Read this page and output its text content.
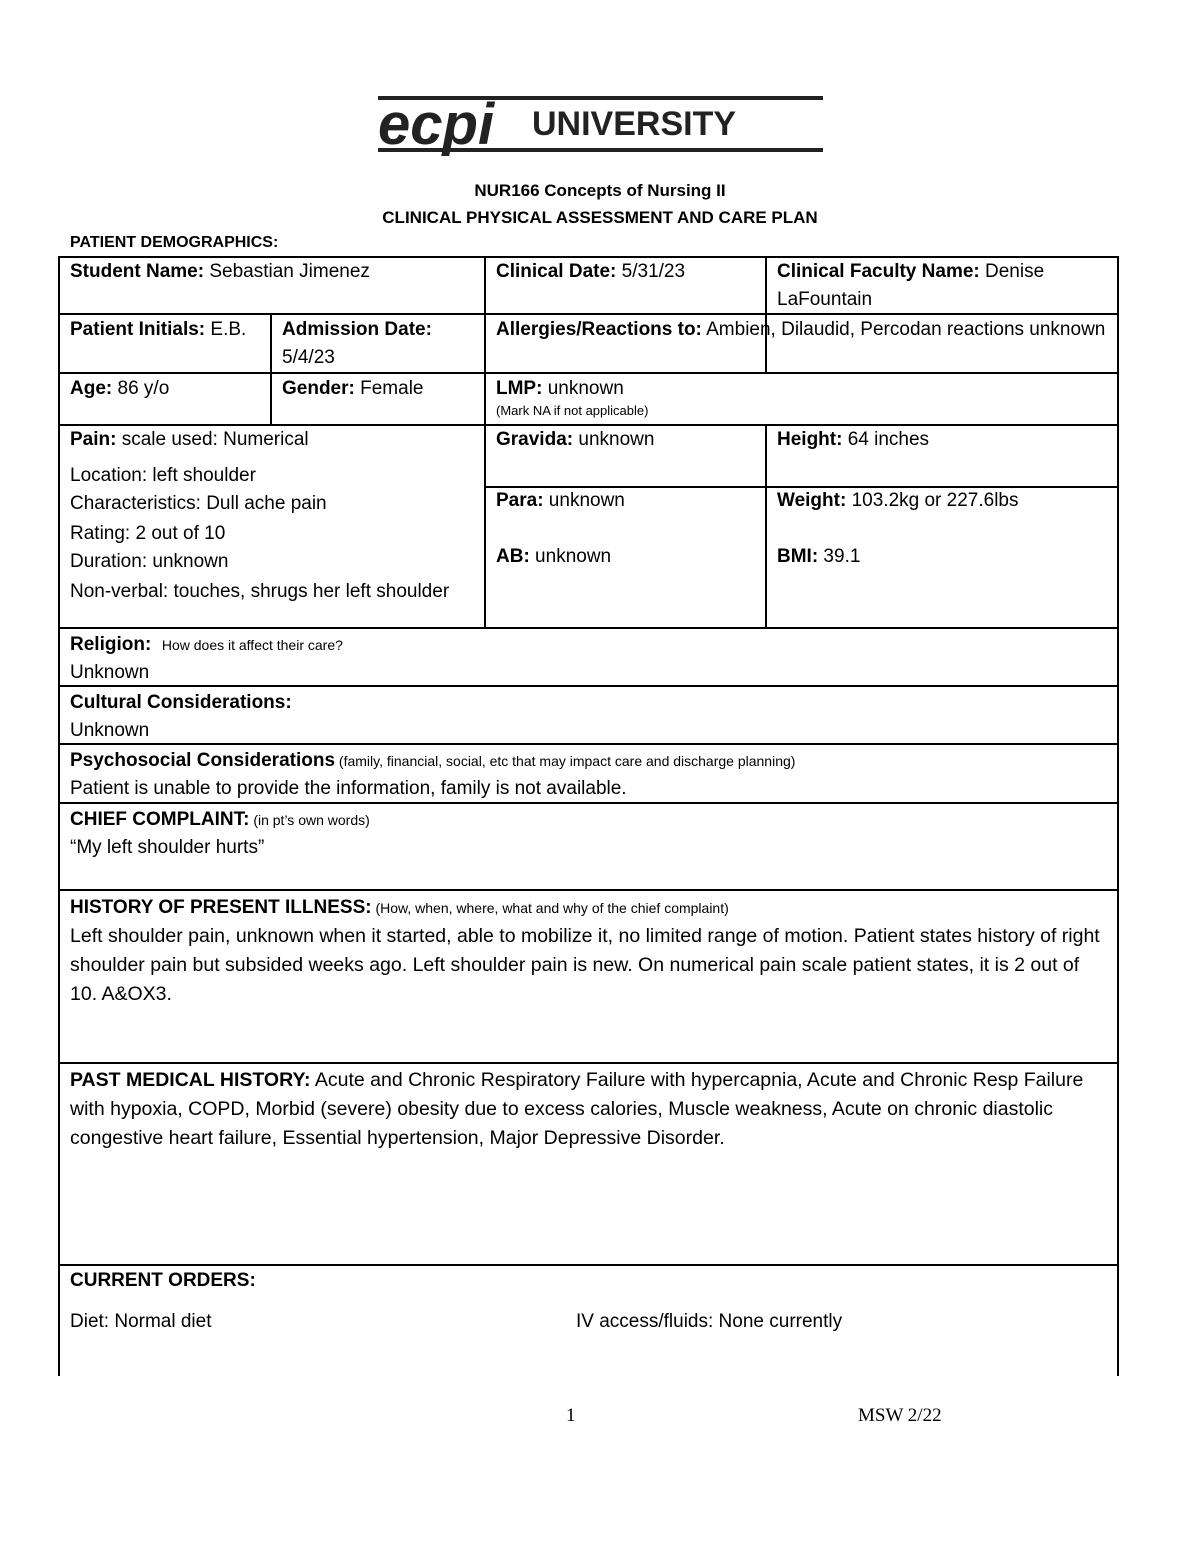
ecpi UNIVERSITY
NUR166 Concepts of Nursing II
CLINICAL PHYSICAL ASSESSMENT AND CARE PLAN
PATIENT DEMOGRAPHICS:
Student Name: Sebastian Jimenez	Clinical Date: 5/31/23	Clinical Faculty Name: Denise LaFountain
Patient Initials: E.B.	Admission Date:
5/4/23
Allergies/Reactions to: Ambien, Dilaudid, Percodan reactions unknown
Age: 86 y/o	Gender: Female	LMP: unknown
(Mark NA if not applicable)
Pain: scale used: Numerical
Location: left shoulder
Characteristics: Dull ache pain
Rating: 2 out of 10
Duration: unknown
Non-verbal: touches, shrugs her left shoulder
Gravida: unknown
Para: unknown
AB: unknown
Height: 64 inches
Weight: 103.2kg or 227.6lbs
BMI: 39.1
Religion: How does it affect their care?
Unknown
Cultural Considerations:
Unknown
Psychosocial Considerations (family, financial, social, etc that may impact care and discharge planning)
Patient is unable to provide the information, family is not available.
CHIEF COMPLAINT: (in pt’s own words)
“My left shoulder hurts”
HISTORY OF PRESENT ILLNESS: (How, when, where, what and why of the chief complaint)
Left shoulder pain, unknown when it started, able to mobilize it, no limited range of motion. Patient states history of right shoulder pain but subsided weeks ago. Left shoulder pain is new. On numerical pain scale patient states, it is 2 out of 10. A&OX3.
PAST MEDICAL HISTORY: Acute and Chronic Respiratory Failure with hypercapnia, Acute and Chronic Resp Failure with hypoxia, COPD, Morbid (severe) obesity due to excess calories, Muscle weakness, Acute on chronic diastolic congestive heart failure, Essential hypertension, Major Depressive Disorder.
CURRENT ORDERS:
Diet: Normal diet	IV access/fluids: None currently
1	MSW 2/22
